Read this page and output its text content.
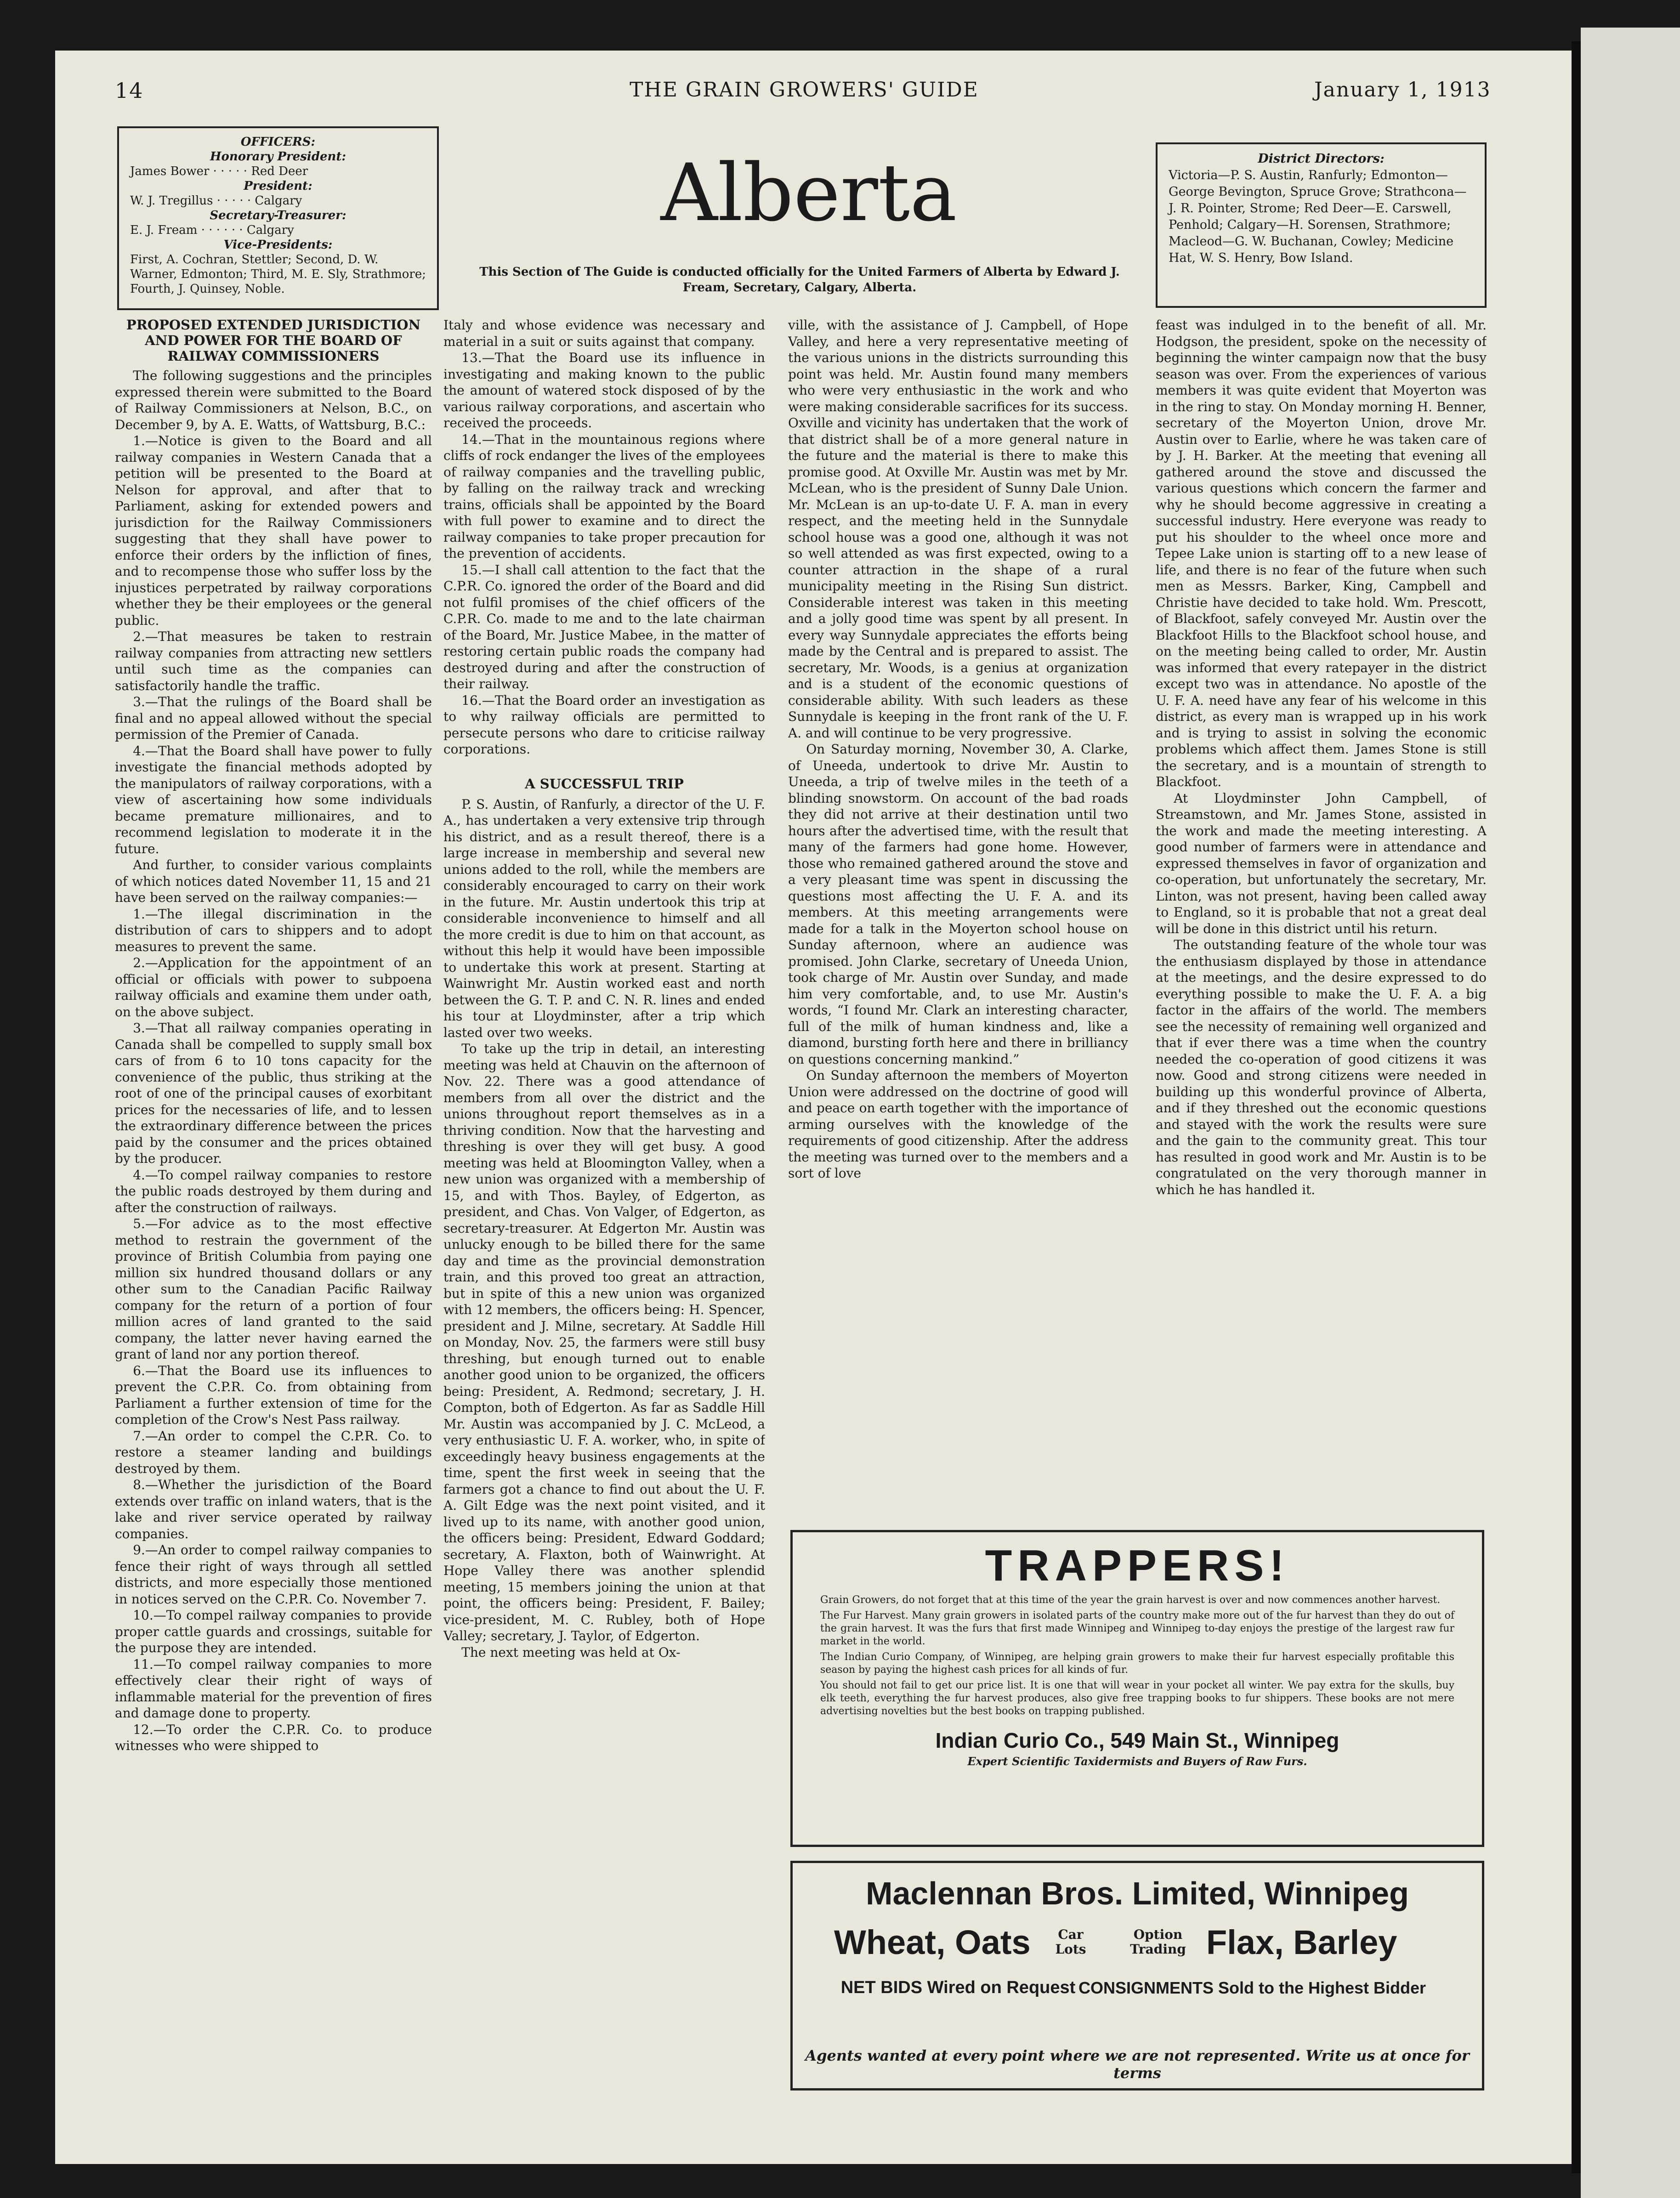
14	THE GRAIN GROWERS' GUIDE	January 1, 1913
OFFICERS:
Honorary President:
James Bower · · · · · Red Deer
President:
W. J. Tregillus · · · · · Calgary
Secretary-Treasurer:
E. J. Fream · · · · · · Calgary
Vice-Presidents:
First, A. Cochran, Stettler; Second, D. W. Warner, Edmonton; Third, M. E. Sly, Strathmore; Fourth, J. Quinsey, Noble.
Alberta
This Section of The Guide is conducted officially for the United Farmers of Alberta by Edward J. Fream, Secretary, Calgary, Alberta.
District Directors:
Victoria—P. S. Austin, Ranfurly; Edmonton—George Bevington, Spruce Grove; Strathcona—J. R. Pointer, Strome; Red Deer—E. Carswell, Penhold; Calgary—H. Sorensen, Strathmore; Macleod—G. W. Buchanan, Cowley; Medicine Hat, W. S. Henry, Bow Island.
PROPOSED EXTENDED JURISDICTION AND POWER FOR THE BOARD OF RAILWAY COMMISSIONERS

The following suggestions and the principles expressed therein were submitted to the Board of Railway Commissioners at Nelson, B.C., on December 9, by A. E. Watts, of Wattsburg, B.C.:

1.—Notice is given to the Board and all railway companies in Western Canada that a petition will be presented to the Board at Nelson for approval, and after that to Parliament, asking for extended powers and jurisdiction for the Railway Commissioners suggesting that they shall have power to enforce their orders by the infliction of fines, and to recompense those who suffer loss by the injustices perpetrated by railway corporations whether they be their employees or the general public.

2.—That measures be taken to restrain railway companies from attracting new settlers until such time as the companies can satisfactorily handle the traffic.

3.—That the rulings of the Board shall be final and no appeal allowed without the special permission of the Premier of Canada.

4.—That the Board shall have power to fully investigate the financial methods adopted by the manipulators of railway corporations, with a view of ascertaining how some individuals became premature millionaires, and to recommend legislation to moderate it in the future.

And further, to consider various complaints of which notices dated November 11, 15 and 21 have been served on the railway companies:—

1.—The illegal discrimination in the distribution of cars to shippers and to adopt measures to prevent the same.

2.—Application for the appointment of an official or officials with power to subpoena railway officials and examine them under oath, on the above subject.

3.—That all railway companies operating in Canada shall be compelled to supply small box cars of from 6 to 10 tons capacity for the convenience of the public, thus striking at the root of one of the principal causes of exorbitant prices for the necessaries of life, and to lessen the extraordinary difference between the prices paid by the consumer and the prices obtained by the producer.

4.—To compel railway companies to restore the public roads destroyed by them during and after the construction of railways.

5.—For advice as to the most effective method to restrain the government of the province of British Columbia from paying one million six hundred thousand dollars or any other sum to the Canadian Pacific Railway company for the return of a portion of four million acres of land granted to the said company, the latter never having earned the grant of land nor any portion thereof.

6.—That the Board use its influences to prevent the C.P.R. Co. from obtaining from Parliament a further extension of time for the completion of the Crow's Nest Pass railway.

7.—An order to compel the C.P.R. Co. to restore a steamer landing and buildings destroyed by them.

8.—Whether the jurisdiction of the Board extends over traffic on inland waters, that is the lake and river service operated by railway companies.

9.—An order to compel railway companies to fence their right of ways through all settled districts, and more especially those mentioned in notices served on the C.P.R. Co. November 7.

10.—To compel railway companies to provide proper cattle guards and crossings, suitable for the purpose they are intended.

11.—To compel railway companies to more effectively clear their right of ways of inflammable material for the prevention of fires and damage done to property.

12.—To order the C.P.R. Co. to produce witnesses who were shipped to

Italy and whose evidence was necessary and material in a suit or suits against that company.

13.—That the Board use its influence in investigating and making known to the public the amount of watered stock disposed of by the various railway corporations, and ascertain who received the proceeds.

14.—That in the mountainous regions where cliffs of rock endanger the lives of the employees of railway companies and the travelling public, by falling on the railway track and wrecking trains, officials shall be appointed by the Board with full power to examine and to direct the railway companies to take proper precaution for the prevention of accidents.

15.—I shall call attention to the fact that the C.P.R. Co. ignored the order of the Board and did not fulfil promises of the chief officers of the C.P.R. Co. made to me and to the late chairman of the Board, Mr. Justice Mabee, in the matter of restoring certain public roads the company had destroyed during and after the construction of their railway.

16.—That the Board order an investigation as to why railway officials are permitted to persecute persons who dare to criticise railway corporations.

A SUCCESSFUL TRIP

P. S. Austin, of Ranfurly, a director of the U. F. A., has undertaken a very extensive trip through his district, and as a result thereof, there is a large increase in membership and several new unions added to the roll, while the members are considerably encouraged to carry on their work in the future. Mr. Austin undertook this trip at considerable inconvenience to himself and all the more credit is due to him on that account, as without this help it would have been impossible to undertake this work at present. Starting at Wainwright Mr. Austin worked east and north between the G. T. P. and C. N. R. lines and ended his tour at Lloydminster, after a trip which lasted over two weeks.

To take up the trip in detail, an interesting meeting was held at Chauvin on the afternoon of Nov. 22. There was a good attendance of members from all over the district and the unions throughout report themselves as in a thriving condition. Now that the harvesting and threshing is over they will get busy. A good meeting was held at Bloomington Valley, when a new union was organized with a membership of 15, and with Thos. Bayley, of Edgerton, as president, and Chas. Von Valger, of Edgerton, as secretary-treasurer. At Edgerton Mr. Austin was unlucky enough to be billed there for the same day and time as the provincial demonstration train, and this proved too great an attraction, but in spite of this a new union was organized with 12 members, the officers being: H. Spencer, president and J. Milne, secretary. At Saddle Hill on Monday, Nov. 25, the farmers were still busy threshing, but enough turned out to enable another good union to be organized, the officers being: President, A. Redmond; secretary, J. H. Compton, both of Edgerton. As far as Saddle Hill Mr. Austin was accompanied by J. C. McLeod, a very enthusiastic U. F. A. worker, who, in spite of exceedingly heavy business engagements at the time, spent the first week in seeing that the farmers got a chance to find out about the U. F. A. Gilt Edge was the next point visited, and it lived up to its name, with another good union, the officers being: President, Edward Goddard; secretary, A. Flaxton, both of Wainwright. At Hope Valley there was another splendid meeting, 15 members joining the union at that point, the officers being: President, F. Bailey; vice-president, M. C. Rubley, both of Hope Valley; secretary, J. Taylor, of Edgerton.

The next meeting was held at Ox-

ville, with the assistance of J. Campbell, of Hope Valley, and here a very representative meeting of the various unions in the districts surrounding this point was held. Mr. Austin found many members who were very enthusiastic in the work and who were making considerable sacrifices for its success. Oxville and vicinity has undertaken that the work of that district shall be of a more general nature in the future and the material is there to make this promise good. At Oxville Mr. Austin was met by Mr. McLean, who is the president of Sunny Dale Union. Mr. McLean is an up-to-date U. F. A. man in every respect, and the meeting held in the Sunnydale school house was a good one, although it was not so well attended as was first expected, owing to a counter attraction in the shape of a rural municipality meeting in the Rising Sun district. Considerable interest was taken in this meeting and a jolly good time was spent by all present. In every way Sunnydale appreciates the efforts being made by the Central and is prepared to assist. The secretary, Mr. Woods, is a genius at organization and is a student of the economic questions of considerable ability. With such leaders as these Sunnydale is keeping in the front rank of the U. F. A. and will continue to be very progressive.

On Saturday morning, November 30, A. Clarke, of Uneeda, undertook to drive Mr. Austin to Uneeda, a trip of twelve miles in the teeth of a blinding snowstorm. On account of the bad roads they did not arrive at their destination until two hours after the advertised time, with the result that many of the farmers had gone home. However, those who remained gathered around the stove and a very pleasant time was spent in discussing the questions most affecting the U. F. A. and its members. At this meeting arrangements were made for a talk in the Moyerton school house on Sunday afternoon, where an audience was promised. John Clarke, secretary of Uneeda Union, took charge of Mr. Austin over Sunday, and made him very comfortable, and, to use Mr. Austin's words, “I found Mr. Clark an interesting character, full of the milk of human kindness and, like a diamond, bursting forth here and there in brilliancy on questions concerning mankind.”

On Sunday afternoon the members of Moyerton Union were addressed on the doctrine of good will and peace on earth together with the importance of arming ourselves with the knowledge of the requirements of good citizenship. After the address the meeting was turned over to the members and a sort of love

feast was indulged in to the benefit of all. Mr. Hodgson, the president, spoke on the necessity of beginning the winter campaign now that the busy season was over. From the experiences of various members it was quite evident that Moyerton was in the ring to stay. On Monday morning H. Benner, secretary of the Moyerton Union, drove Mr. Austin over to Earlie, where he was taken care of by J. H. Barker. At the meeting that evening all gathered around the stove and discussed the various questions which concern the farmer and why he should become aggressive in creating a successful industry. Here everyone was ready to put his shoulder to the wheel once more and Tepee Lake union is starting off to a new lease of life, and there is no fear of the future when such men as Messrs. Barker, King, Campbell and Christie have decided to take hold. Wm. Prescott, of Blackfoot, safely conveyed Mr. Austin over the Blackfoot Hills to the Blackfoot school house, and on the meeting being called to order, Mr. Austin was informed that every ratepayer in the district except two was in attendance. No apostle of the U. F. A. need have any fear of his welcome in this district, as every man is wrapped up in his work and is trying to assist in solving the economic problems which affect them. James Stone is still the secretary, and is a mountain of strength to Blackfoot.

At Lloydminster John Campbell, of Streamstown, and Mr. James Stone, assisted in the work and made the meeting interesting. A good number of farmers were in attendance and expressed themselves in favor of organization and co-operation, but unfortunately the secretary, Mr. Linton, was not present, having been called away to England, so it is probable that not a great deal will be done in this district until his return.

The outstanding feature of the whole tour was the enthusiasm displayed by those in attendance at the meetings, and the desire expressed to do everything possible to make the U. F. A. a big factor in the affairs of the world. The members see the necessity of remaining well organized and that if ever there was a time when the country needed the co-operation of good citizens it was now. Good and strong citizens were needed in building up this wonderful province of Alberta, and if they threshed out the economic questions and stayed with the work the results were sure and the gain to the community great. This tour has resulted in good work and Mr. Austin is to be congratulated on the very thorough manner in which he has handled it.

TRAPPERS!

Grain Growers, do not forget that at this time of the year the grain harvest is over and now commences another harvest.

The Fur Harvest. Many grain growers in isolated parts of the country make more out of the fur harvest than they do out of the grain harvest. It was the furs that first made Winnipeg and Winnipeg to-day enjoys the prestige of the largest raw fur market in the world.

The Indian Curio Company, of Winnipeg, are helping grain growers to make their fur harvest especially profitable this season by paying the highest cash prices for all kinds of fur.

You should not fail to get our price list. It is one that will wear in your pocket all winter. We pay extra for the skulls, buy elk teeth, everything the fur harvest produces, also give free trapping books to fur shippers. These books are not mere advertising novelties but the best books on trapping published.

Indian Curio Co., 549 Main St., Winnipeg
Expert Scientific Taxidermists and Buyers of Raw Furs.
Maclennan Bros. Limited, Winnipeg
Wheat, Oats	Car Lots
Option Trading Flax, Barley
NET BIDS Wired on Request CONSIGNMENTS Sold to the Highest Bidder
Agents wanted at every point where we are not represented. Write us at once for terms
